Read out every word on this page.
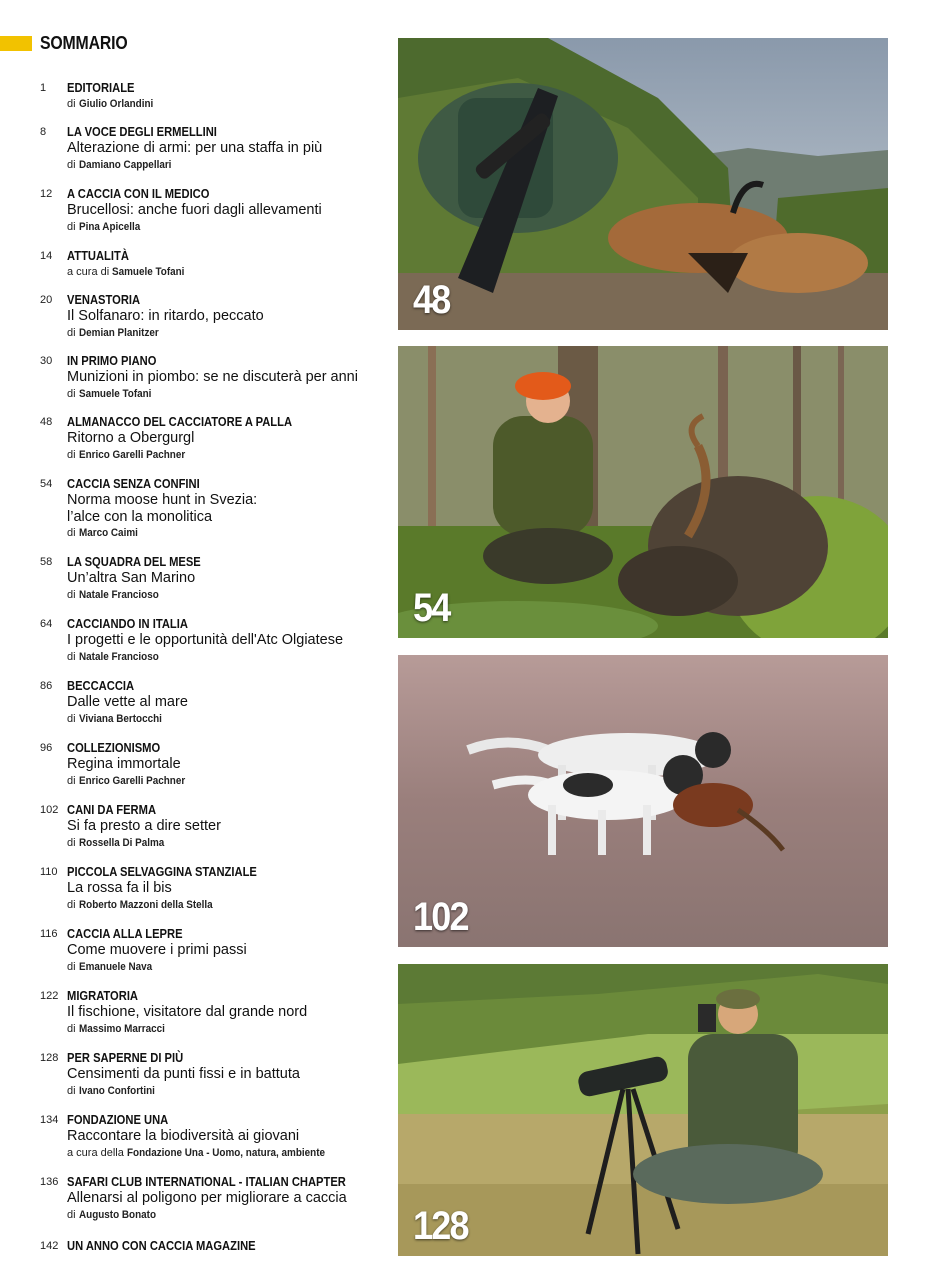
SOMMARIO
1	EDITORIALE
di Giulio Orlandini
8	LA VOCE DEGLI ERMELLINI
Alterazione di armi: per una staffa in più
di Damiano Cappellari
12	A CACCIA CON IL MEDICO
Brucellosi: anche fuori dagli allevamenti
di Pina Apicella
14	ATTUALITÀ
a cura di Samuele Tofani
20	VENASTORIA
Il Solfanaro: in ritardo, peccato
di Demian Planitzer
30	IN PRIMO PIANO
Munizioni in piombo: se ne discuterà per anni
di Samuele Tofani
48	ALMANACCO DEL CACCIATORE A PALLA
Ritorno a Obergurgl
di Enrico Garelli Pachner
54	CACCIA SENZA CONFINI
Norma moose hunt in Svezia:
l’alce con la monolitica
di Marco Caimi
58	LA SQUADRA DEL MESE
Un’altra San Marino
di Natale Francioso
64	CACCIANDO IN ITALIA
I progetti e le opportunità dell'Atc Olgiatese
di Natale Francioso
86	BECCACCIA
Dalle vette al mare
di Viviana Bertocchi
96	COLLEZIONISMO
Regina immortale
di Enrico Garelli Pachner
102 CANI DA FERMA
Si fa presto a dire setter
di Rossella Di Palma
110 PICCOLA SELVAGGINA STANZIALE
La rossa fa il bis
di Roberto Mazzoni della Stella
116 CACCIA ALLA LEPRE
Come muovere i primi passi
di Emanuele Nava
122 MIGRATORIA
Il fischione, visitatore dal grande nord
di Massimo Marracci
128 PER SAPERNE DI PIÙ
Censimenti da punti fissi e in battuta
di Ivano Confortini
134 FONDAZIONE UNA
Raccontare la biodiversità ai giovani
a cura della Fondazione Una - Uomo, natura, ambiente
136 SAFARI CLUB INTERNATIONAL - ITALIAN CHAPTER
Allenarsi al poligono per migliorare a caccia
di Augusto Bonato
142 UN ANNO CON CACCIA MAGAZINE
48
54
102
128
